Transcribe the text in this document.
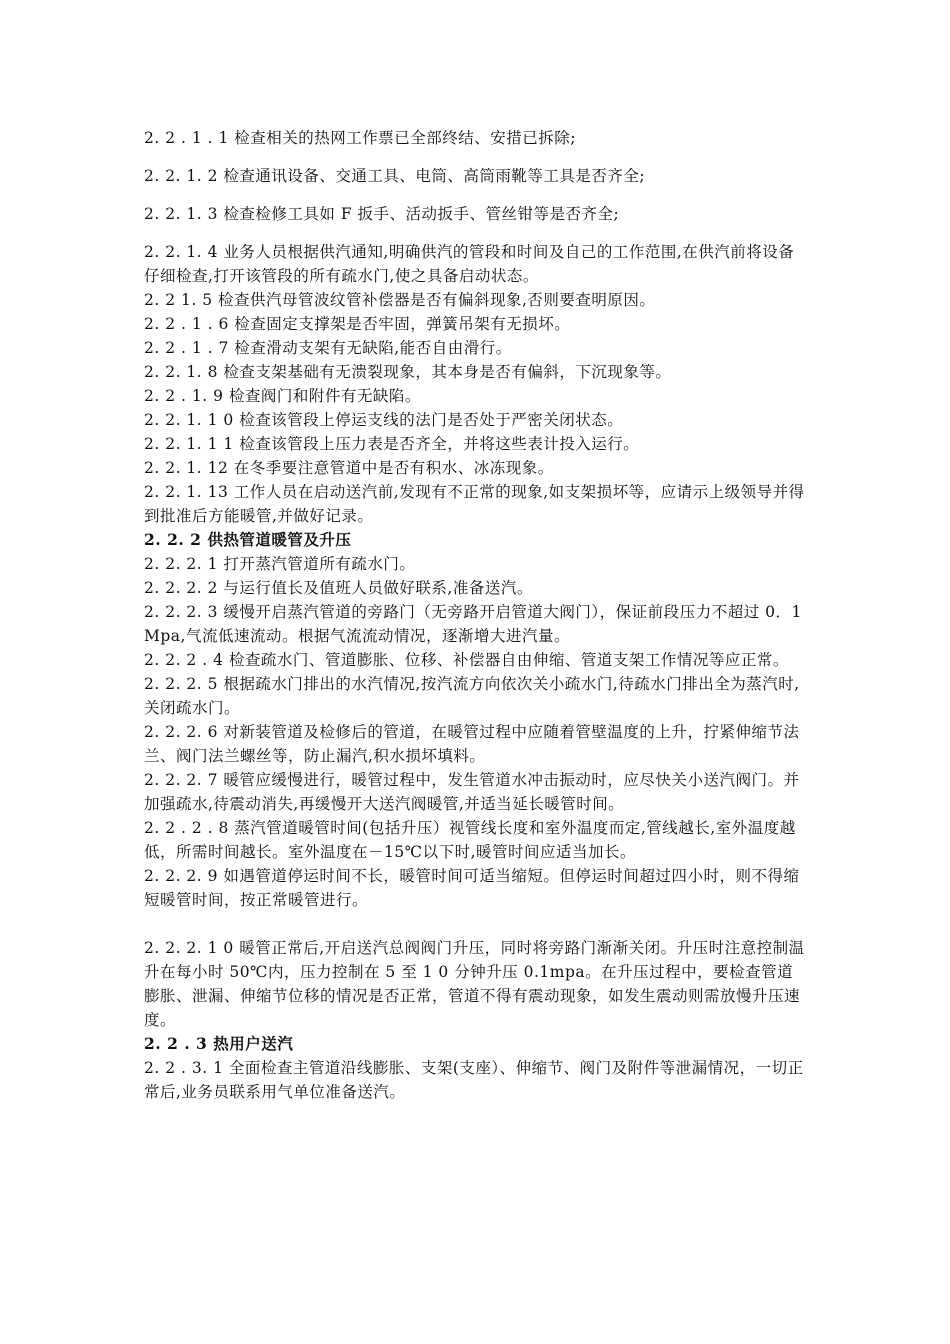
2. 2 . 1 . 1 检查相关的热网工作票已全部终结、安措已拆除;

2. 2. 1. 2 检查通讯设备、交通工具、电筒、高筒雨靴等工具是否齐全;

2. 2. 1. 3 检查检修工具如 F 扳手、活动扳手、管丝钳等是否齐全;

2. 2. 1. 4 业务人员根据供汽通知,明确供汽的管段和时间及自己的工作范围,在供汽前将设备仔细检查,打开该管段的所有疏水门,使之具备启动状态。

2. 2 1. 5 检查供汽母管波纹管补偿器是否有偏斜现象,否则要查明原因。

2. 2 . 1 . 6 检查固定支撑架是否牢固，弹簧吊架有无损坏。

2. 2 . 1 . 7 检查滑动支架有无缺陷,能否自由滑行。

2. 2. 1. 8 检查支架基础有无溃裂现象，其本身是否有偏斜，下沉现象等。

2. 2 . 1. 9 检查阀门和附件有无缺陷。

2. 2. 1. 1 0 检查该管段上停运支线的法门是否处于严密关闭状态。

2. 2. 1. 1 1 检查该管段上压力表是否齐全，并将这些表计投入运行。

2. 2. 1. 12 在冬季要注意管道中是否有积水、冰冻现象。

2. 2. 1. 13 工作人员在启动送汽前,发现有不正常的现象,如支架损坏等，应请示上级领导并得到批准后方能暖管,并做好记录。

2. 2. 2 供热管道暖管及升压

2. 2. 2. 1 打开蒸汽管道所有疏水门。

2. 2. 2. 2 与运行值长及值班人员做好联系,准备送汽。

2. 2. 2. 3 缓慢开启蒸汽管道的旁路门（无旁路开启管道大阀门），保证前段压力不超过 0．1 Mpa,气流低速流动。根据气流流动情况，逐渐增大进汽量。

2. 2. 2 . 4 检查疏水门、管道膨胀、位移、补偿器自由伸缩、管道支架工作情况等应正常。

2. 2. 2. 5 根据疏水门排出的水汽情况,按汽流方向依次关小疏水门,待疏水门排出全为蒸汽时,关闭疏水门。

2. 2. 2. 6 对新装管道及检修后的管道，在暖管过程中应随着管壁温度的上升，拧紧伸缩节法兰、阀门法兰螺丝等，防止漏汽,积水损坏填料。

2. 2. 2. 7 暖管应缓慢进行，暖管过程中，发生管道水冲击振动时，应尽快关小送汽阀门。并加强疏水,待震动消失,再缓慢开大送汽阀暖管,并适当延长暖管时间。

2. 2 . 2 . 8 蒸汽管道暖管时间(包括升压）视管线长度和室外温度而定,管线越长,室外温度越低，所需时间越长。室外温度在－15℃以下时,暖管时间应适当加长。

2. 2. 2. 9 如遇管道停运时间不长，暖管时间可适当缩短。但停运时间超过四小时，则不得缩短暖管时间，按正常暖管进行。

2. 2. 2. 1 0 暖管正常后,开启送汽总阀阀门升压，同时将旁路门渐渐关闭。升压时注意控制温升在每小时 50℃内，压力控制在 5 至 1 0 分钟升压 0.1mpa。在升压过程中，要检查管道膨胀、泄漏、伸缩节位移的情况是否正常，管道不得有震动现象，如发生震动则需放慢升压速度。

2. 2 . 3 热用户送汽

2. 2 . 3. 1 全面检查主管道沿线膨胀、支架(支座）、伸缩节、阀门及附件等泄漏情况，一切正常后,业务员联系用气单位准备送汽。
